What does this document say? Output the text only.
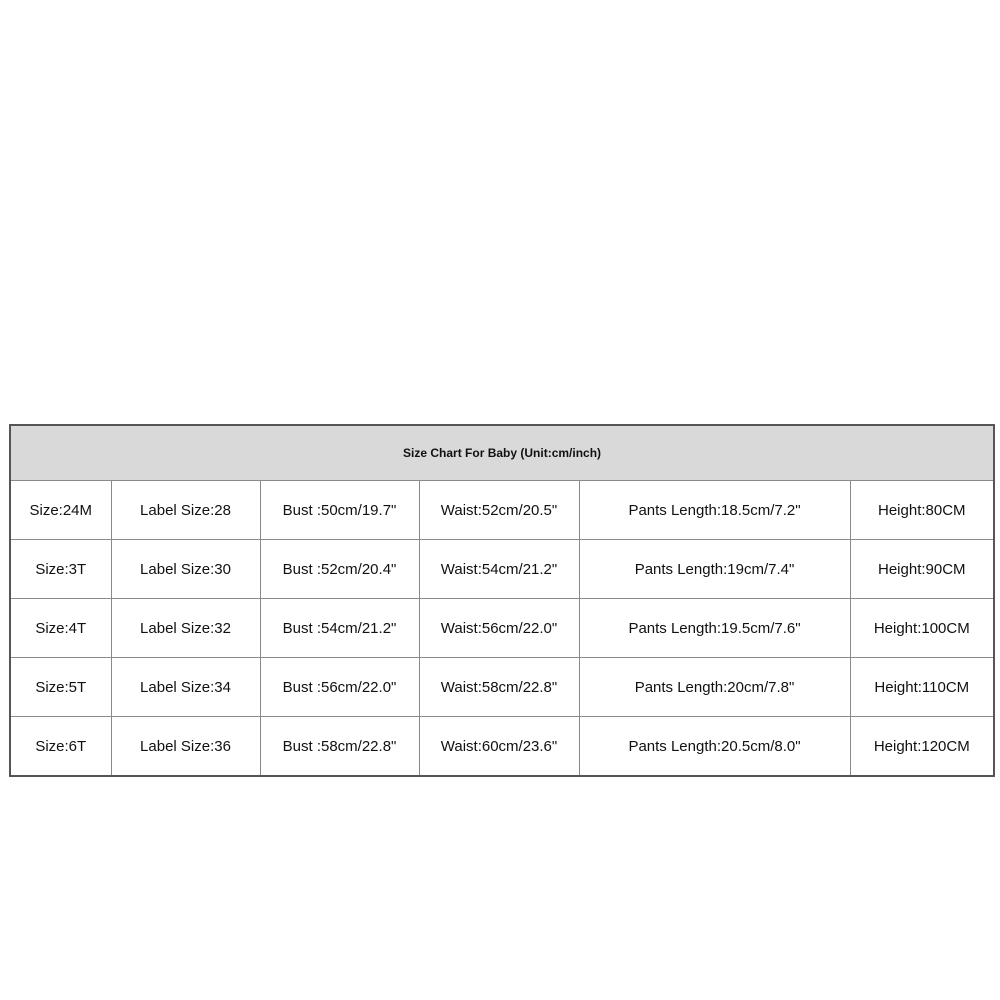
Size Chart For Baby (Unit:cm/inch)					
Size:24M	Label Size:28	Bust :50cm/19.7"	Waist:52cm/20.5"	Pants Length:18.5cm/7.2"	Height:80CM
Size:3T	Label Size:30	Bust :52cm/20.4"	Waist:54cm/21.2"	Pants Length:19cm/7.4"	Height:90CM
Size:4T	Label Size:32	Bust :54cm/21.2"	Waist:56cm/22.0"	Pants Length:19.5cm/7.6"	Height:100CM
Size:5T	Label Size:34	Bust :56cm/22.0"	Waist:58cm/22.8"	Pants Length:20cm/7.8"	Height:110CM
Size:6T	Label Size:36	Bust :58cm/22.8"	Waist:60cm/23.6"	Pants Length:20.5cm/8.0"	Height:120CM
